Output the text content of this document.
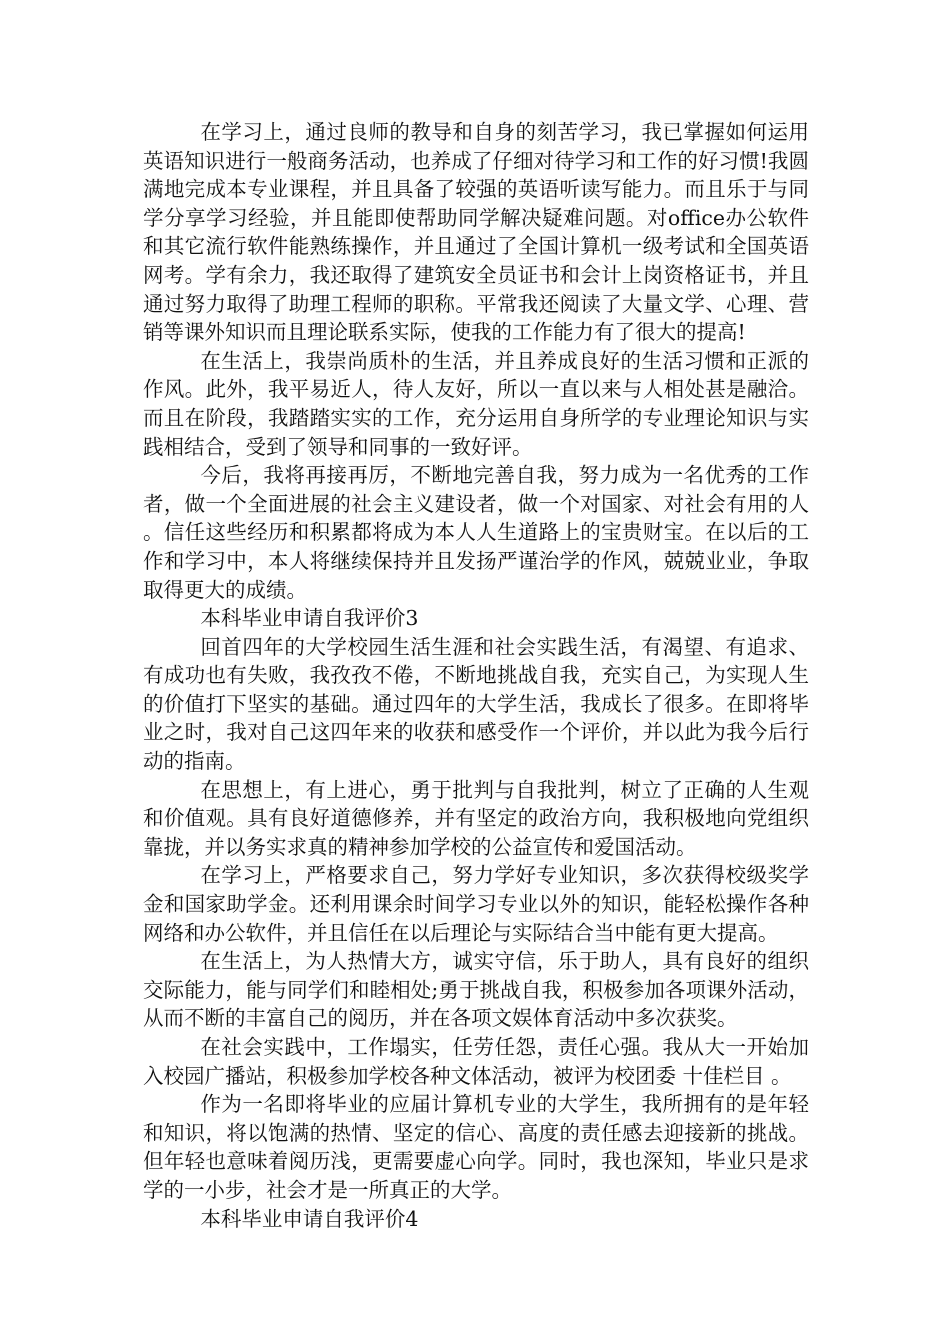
在学习上，通过良师的教导和自身的刻苦学习，我已掌握如何运用英语知识进行一般商务活动，也养成了仔细对待学习和工作的好习惯!我圆满地完成本专业课程，并且具备了较强的英语听读写能力。而且乐于与同学分享学习经验，并且能即使帮助同学解决疑难问题。对office办公软件和其它流行软件能熟练操作，并且通过了全国计算机一级考试和全国英语网考。学有余力，我还取得了建筑安全员证书和会计上岗资格证书，并且通过努力取得了助理工程师的职称。平常我还阅读了大量文学、心理、营销等课外知识而且理论联系实际，使我的工作能力有了很大的提高!

在生活上，我崇尚质朴的生活，并且养成良好的生活习惯和正派的作风。此外，我平易近人，待人友好，所以一直以来与人相处甚是融洽。而且在阶段，我踏踏实实的工作，充分运用自身所学的专业理论知识与实践相结合，受到了领导和同事的一致好评。

今后，我将再接再厉，不断地完善自我，努力成为一名优秀的工作者，做一个全面进展的社会主义建设者，做一个对国家、对社会有用的人。信任这些经历和积累都将成为本人人生道路上的宝贵财宝。在以后的工作和学习中，本人将继续保持并且发扬严谨治学的作风，兢兢业业，争取取得更大的成绩。

本科毕业申请自我评价3

回首四年的大学校园生活生涯和社会实践生活，有渴望、有追求、有成功也有失败，我孜孜不倦，不断地挑战自我，充实自己，为实现人生的价值打下坚实的基础。通过四年的大学生活，我成长了很多。在即将毕业之时，我对自己这四年来的收获和感受作一个评价，并以此为我今后行动的指南。

在思想上，有上进心，勇于批判与自我批判，树立了正确的人生观和价值观。具有良好道德修养，并有坚定的政治方向，我积极地向党组织靠拢，并以务实求真的精神参加学校的公益宣传和爱国活动。

在学习上，严格要求自己，努力学好专业知识，多次获得校级奖学金和国家助学金。还利用课余时间学习专业以外的知识，能轻松操作各种网络和办公软件，并且信任在以后理论与实际结合当中能有更大提高。

在生活上，为人热情大方，诚实守信，乐于助人，具有良好的组织交际能力，能与同学们和睦相处;勇于挑战自我，积极参加各项课外活动，从而不断的丰富自己的阅历，并在各项文娱体育活动中多次获奖。

在社会实践中，工作塌实，任劳任怨，责任心强。我从大一开始加入校园广播站，积极参加学校各种文体活动，被评为校团委 十佳栏目 。

作为一名即将毕业的应届计算机专业的大学生，我所拥有的是年轻和知识，将以饱满的热情、坚定的信心、高度的责任感去迎接新的挑战。但年轻也意味着阅历浅，更需要虚心向学。同时，我也深知，毕业只是求学的一小步，社会才是一所真正的大学。

本科毕业申请自我评价4
